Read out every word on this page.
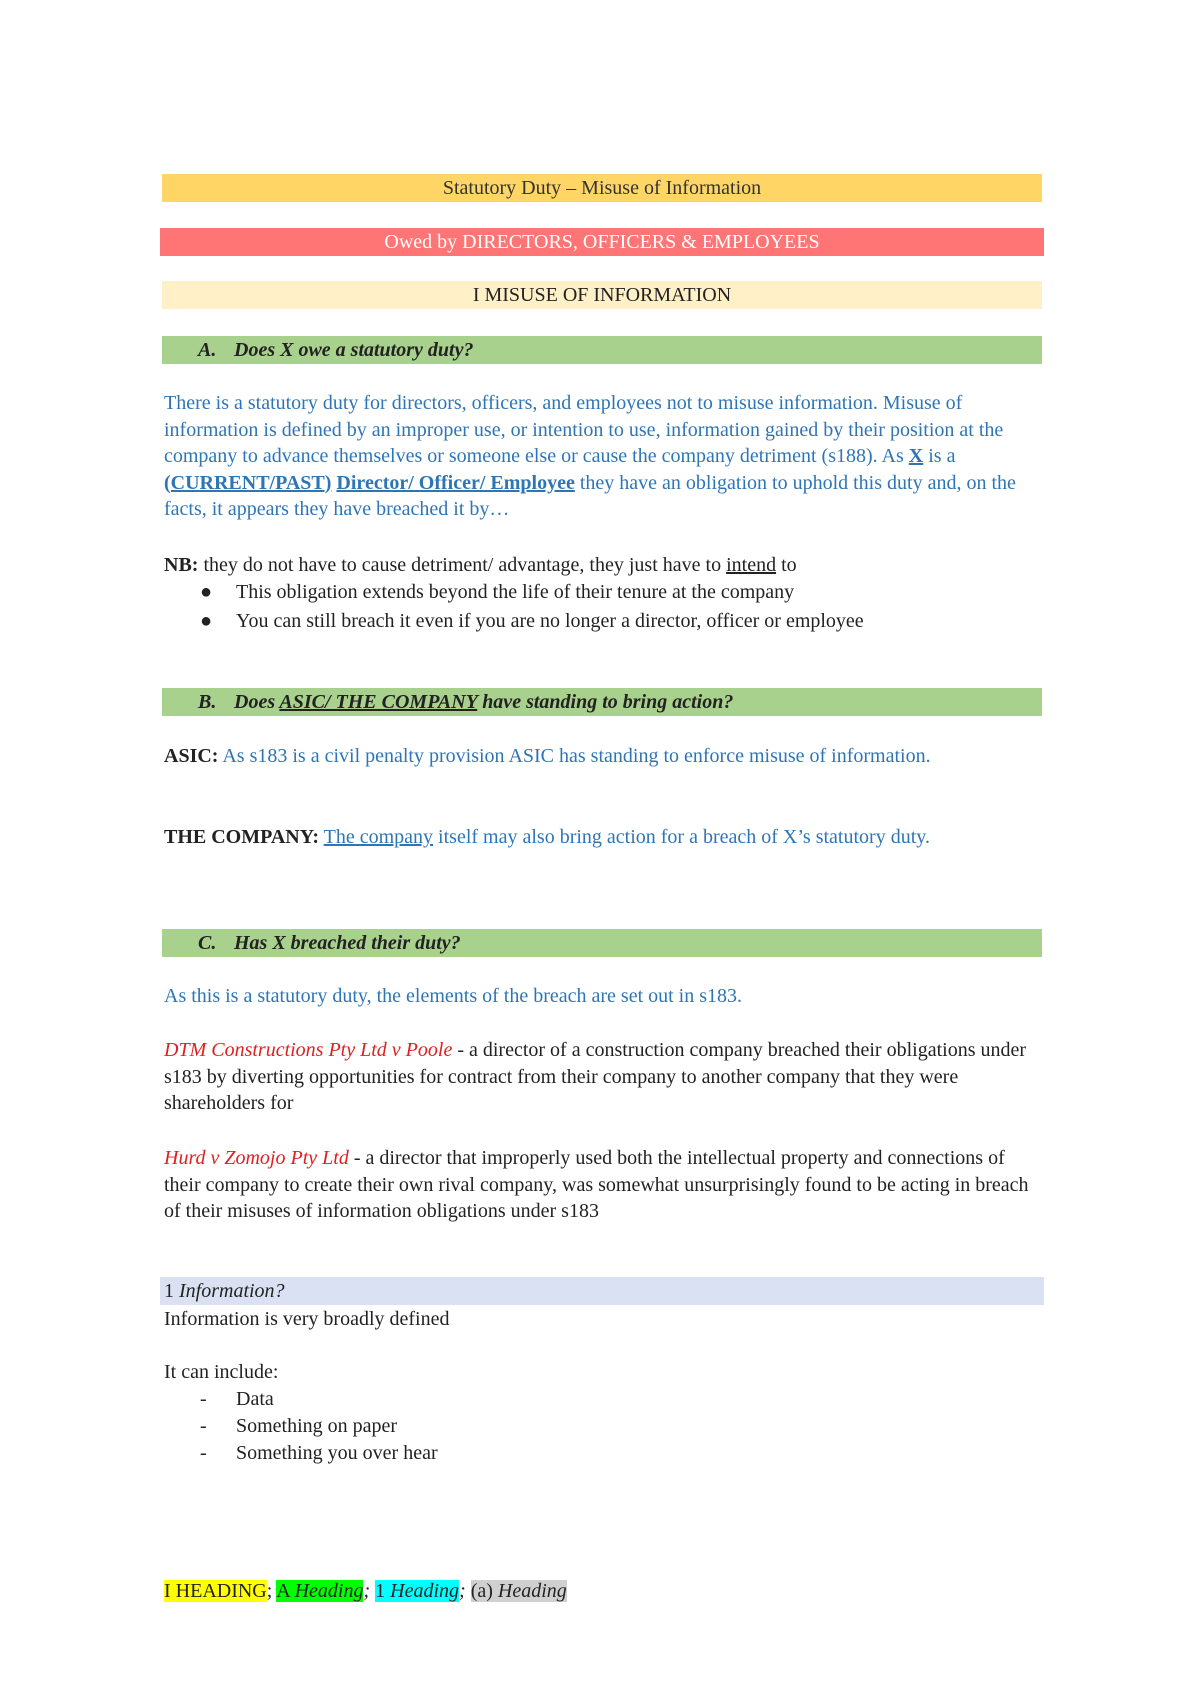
Statutory Duty – Misuse of Information
Owed by DIRECTORS, OFFICERS & EMPLOYEES
I MISUSE OF INFORMATION
A. Does X owe a statutory duty?
There is a statutory duty for directors, officers, and employees not to misuse information. Misuse of information is defined by an improper use, or intention to use, information gained by their position at the company to advance themselves or someone else or cause the company detriment (s188). As X is a (CURRENT/PAST) Director/ Officer/ Employee they have an obligation to uphold this duty and, on the facts, it appears they have breached it by…
NB: they do not have to cause detriment/ advantage, they just have to intend to
● This obligation extends beyond the life of their tenure at the company
● You can still breach it even if you are no longer a director, officer or employee
B. Does ASIC/ THE COMPANY have standing to bring action?
ASIC: As s183 is a civil penalty provision ASIC has standing to enforce misuse of information.
THE COMPANY: The company itself may also bring action for a breach of X’s statutory duty.
C. Has X breached their duty?
As this is a statutory duty, the elements of the breach are set out in s183.
DTM Constructions Pty Ltd v Poole - a director of a construction company breached their obligations under s183 by diverting opportunities for contract from their company to another company that they were shareholders for
Hurd v Zomojo Pty Ltd - a director that improperly used both the intellectual property and connections of their company to create their own rival company, was somewhat unsurprisingly found to be acting in breach of their misuses of information obligations under s183
1 Information?
Information is very broadly defined
It can include:
- Data
- Something on paper
- Something you over hear
I HEADING; A Heading; 1 Heading; (a) Heading
